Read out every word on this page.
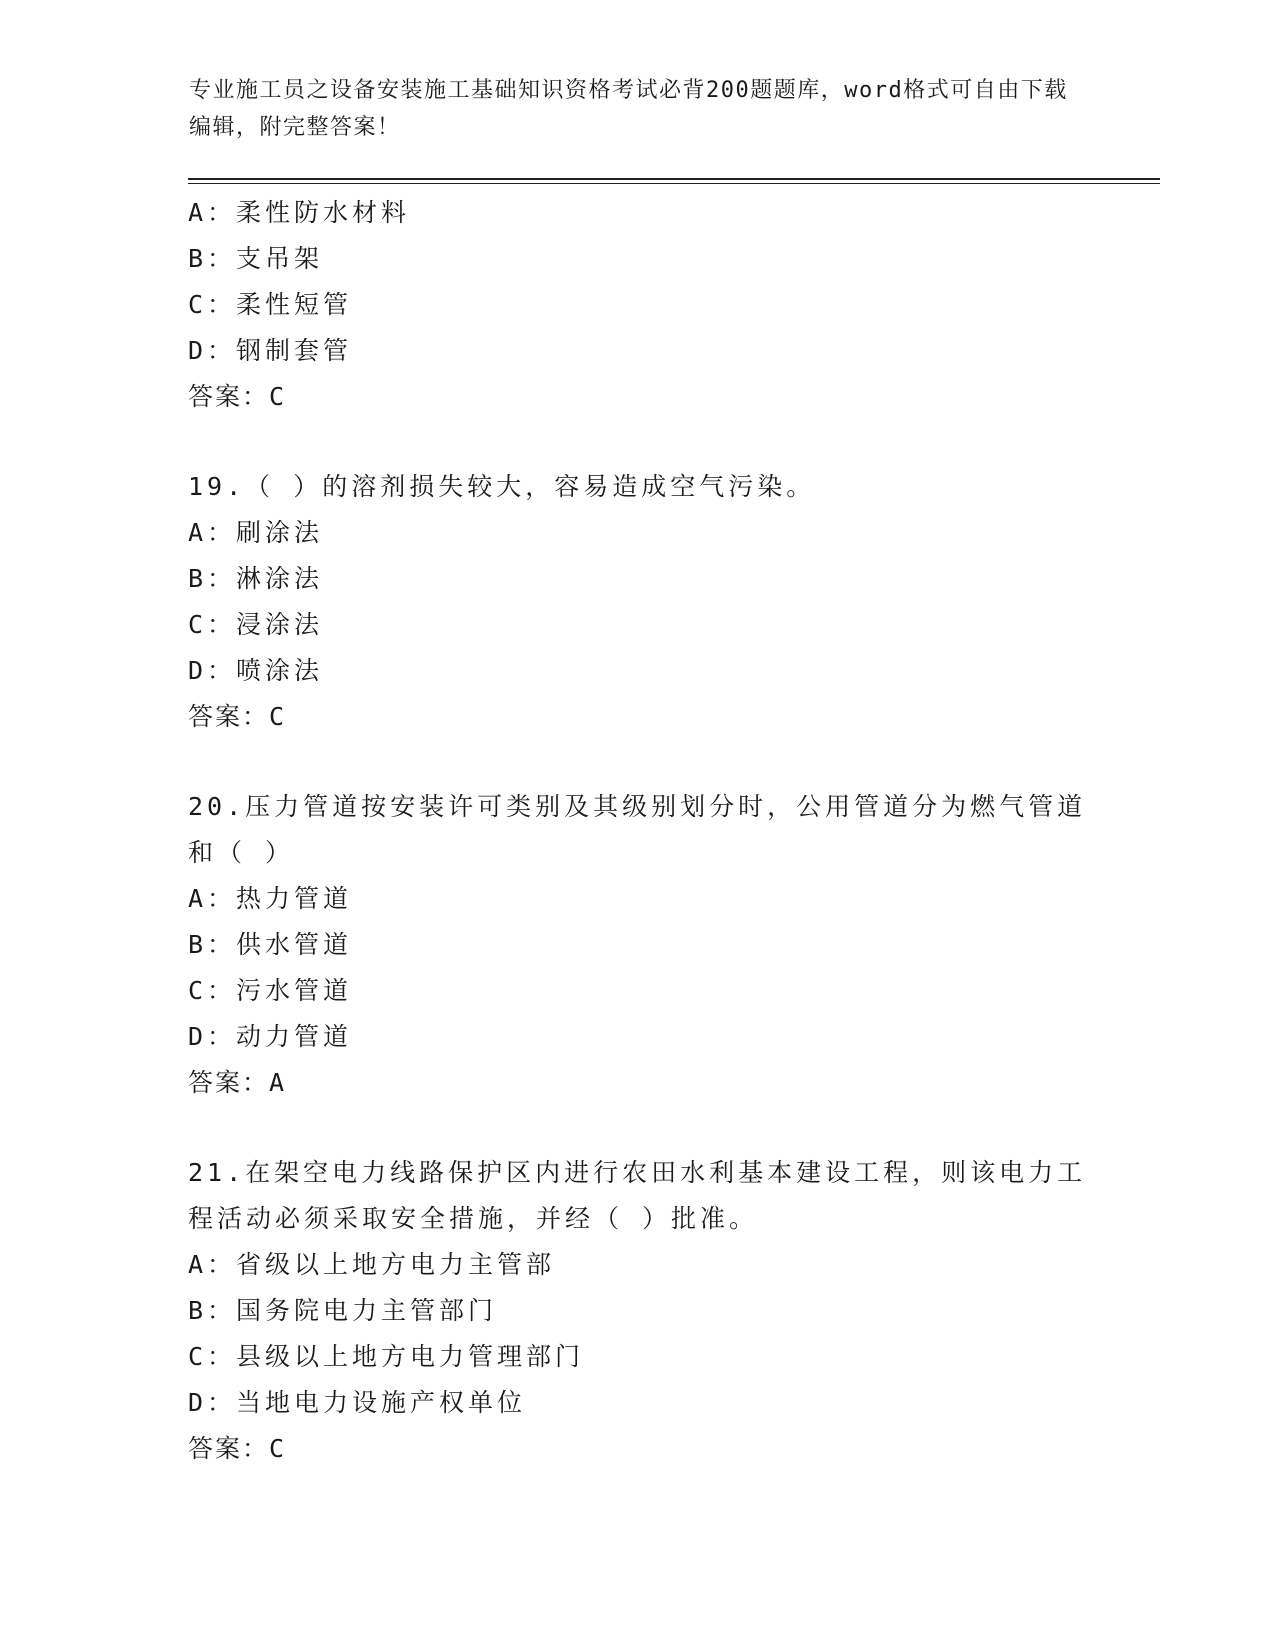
专业施工员之设备安装施工基础知识资格考试必背200题题库，word格式可自由下载编辑，附完整答案！
A：柔性防水材料
B：支吊架
C：柔性短管
D：钢制套管
答案：C
19.（ ）的溶剂损失较大，容易造成空气污染。
A：刷涂法
B：淋涂法
C：浸涂法
D：喷涂法
答案：C
20.压力管道按安装许可类别及其级别划分时，公用管道分为燃气管道和（ ）
A：热力管道
B：供水管道
C：污水管道
D：动力管道
答案：A
21.在架空电力线路保护区内进行农田水利基本建设工程，则该电力工程活动必须采取安全措施，并经（ ）批准。
A：省级以上地方电力主管部
B：国务院电力主管部门
C：县级以上地方电力管理部门
D：当地电力设施产权单位
答案：C
